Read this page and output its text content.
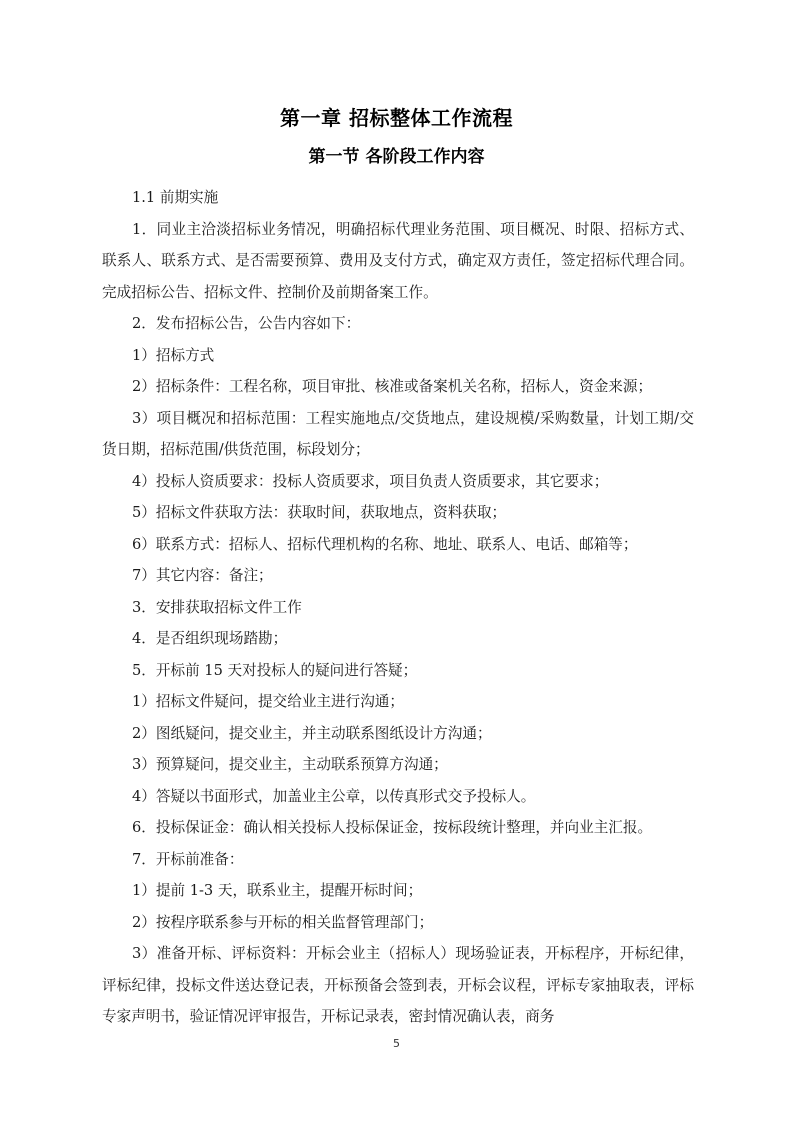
第一章 招标整体工作流程
第一节 各阶段工作内容

1.1 前期实施

1．同业主洽淡招标业务情况，明确招标代理业务范围、项目概况、时限、招标方式、联系人、联系方式、是否需要预算、费用及支付方式，确定双方责任，签定招标代理合同。完成招标公告、招标文件、控制价及前期备案工作。

2．发布招标公告，公告内容如下：

1）招标方式

2）招标条件：工程名称，项目审批、核准或备案机关名称，招标人，资金来源；

3）项目概况和招标范围：工程实施地点/交货地点，建设规模/采购数量，计划工期/交货日期，招标范围/供货范围，标段划分；

4）投标人资质要求：投标人资质要求，项目负责人资质要求，其它要求；

5）招标文件获取方法：获取时间，获取地点，资料获取；

6）联系方式：招标人、招标代理机构的名称、地址、联系人、电话、邮箱等；

7）其它内容：备注；

3．安排获取招标文件工作

4．是否组织现场踏勘；

5．开标前 15 天对投标人的疑问进行答疑；

1）招标文件疑问，提交给业主进行沟通；

2）图纸疑问，提交业主，并主动联系图纸设计方沟通；

3）预算疑问，提交业主，主动联系预算方沟通；

4）答疑以书面形式，加盖业主公章，以传真形式交予投标人。

6．投标保证金：确认相关投标人投标保证金，按标段统计整理，并向业主汇报。

7．开标前准备：

1）提前 1-3 天，联系业主，提醒开标时间；

2）按程序联系参与开标的相关监督管理部门；

3）准备开标、评标资料：开标会业主（招标人）现场验证表，开标程序，开标纪律，评标纪律，投标文件送达登记表，开标预备会签到表，开标会议程，评标专家抽取表，评标专家声明书，验证情况评审报告，开标记录表，密封情况确认表，商务

5
